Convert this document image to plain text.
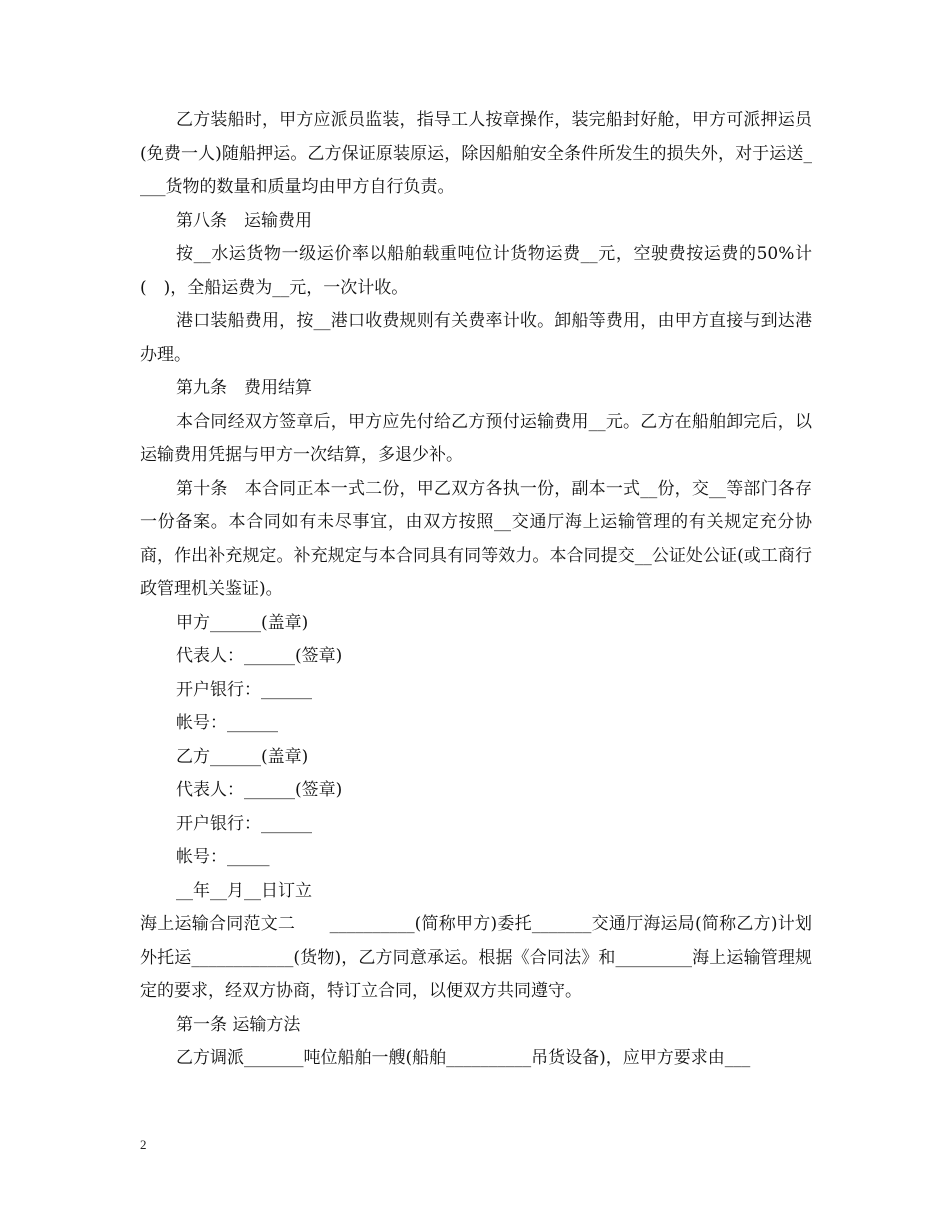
乙方装船时，甲方应派员监装，指导工人按章操作，装完船封好舱，甲方可派押运员(免费一人)随船押运。乙方保证原装原运，除因船舶安全条件所发生的损失外，对于运送____货物的数量和质量均由甲方自行负责。

第八条　运输费用

按__水运货物一级运价率以船舶载重吨位计货物运费__元，空驶费按运费的50%计(　)，全船运费为__元，一次计收。

港口装船费用，按__港口收费规则有关费率计收。卸船等费用，由甲方直接与到达港办理。

第九条　费用结算

本合同经双方签章后，甲方应先付给乙方预付运输费用__元。乙方在船舶卸完后，以运输费用凭据与甲方一次结算，多退少补。

第十条　本合同正本一式二份，甲乙双方各执一份，副本一式__份，交__等部门各存一份备案。本合同如有未尽事宜，由双方按照__交通厅海上运输管理的有关规定充分协商，作出补充规定。补充规定与本合同具有同等效力。本合同提交__公证处公证(或工商行政管理机关鉴证)。

甲方______(盖章)

代表人：______(签章)

开户银行：______

帐号：______

乙方______(盖章)

代表人：______(签章)

开户银行：______

帐号：_____

__年__月__日订立

海上运输合同范文二　　__________(简称甲方)委托_______交通厅海运局(简称乙方)计划外托运____________(货物)，乙方同意承运。根据《合同法》和_________海上运输管理规定的要求，经双方协商，特订立合同，以便双方共同遵守。

第一条 运输方法

乙方调派_______吨位船舶一艘(船舶__________吊货设备)，应甲方要求由___

2
